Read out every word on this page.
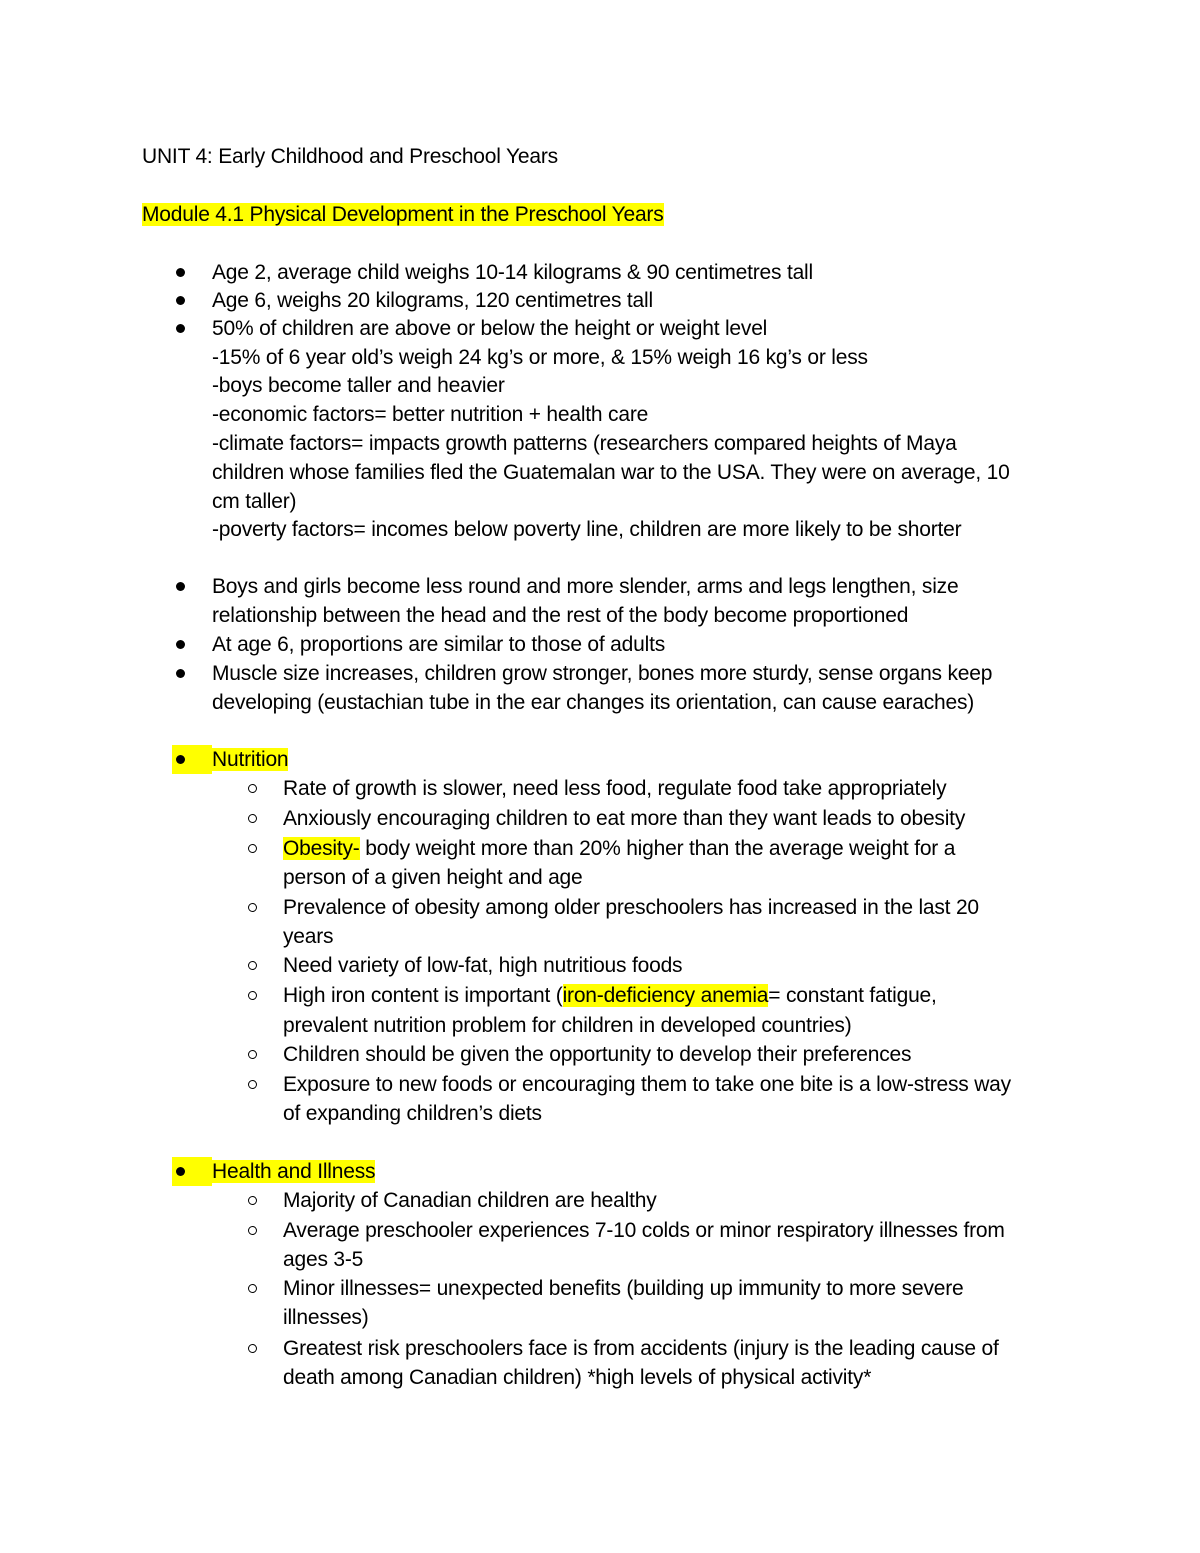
UNIT 4: Early Childhood and Preschool Years
Module 4.1 Physical Development in the Preschool Years
Age 2, average child weighs 10-14 kilograms & 90 centimetres tall
Age 6, weighs 20 kilograms, 120 centimetres tall
50% of children are above or below the height or weight level
-15% of 6 year old’s weigh 24 kg’s or more, & 15% weigh 16 kg’s or less
-boys become taller and heavier
-economic factors= better nutrition + health care
-climate factors= impacts growth patterns (researchers compared heights of Maya
children whose families fled the Guatemalan war to the USA. They were on average, 10
cm taller)
-poverty factors= incomes below poverty line, children are more likely to be shorter
Boys and girls become less round and more slender, arms and legs lengthen, size
relationship between the head and the rest of the body become proportioned
At age 6, proportions are similar to those of adults
Muscle size increases, children grow stronger, bones more sturdy, sense organs keep
developing (eustachian tube in the ear changes its orientation, can cause earaches)
Nutrition
Rate of growth is slower, need less food, regulate food take appropriately
Anxiously encouraging children to eat more than they want leads to obesity
Obesity- body weight more than 20% higher than the average weight for a
person of a given height and age
Prevalence of obesity among older preschoolers has increased in the last 20
years
Need variety of low-fat, high nutritious foods
High iron content is important (iron-deficiency anemia= constant fatigue,
prevalent nutrition problem for children in developed countries)
Children should be given the opportunity to develop their preferences
Exposure to new foods or encouraging them to take one bite is a low-stress way
of expanding children’s diets
Health and Illness
Majority of Canadian children are healthy
Average preschooler experiences 7-10 colds or minor respiratory illnesses from
ages 3-5
Minor illnesses= unexpected benefits (building up immunity to more severe
illnesses)
Greatest risk preschoolers face is from accidents (injury is the leading cause of
death among Canadian children) *high levels of physical activity*
